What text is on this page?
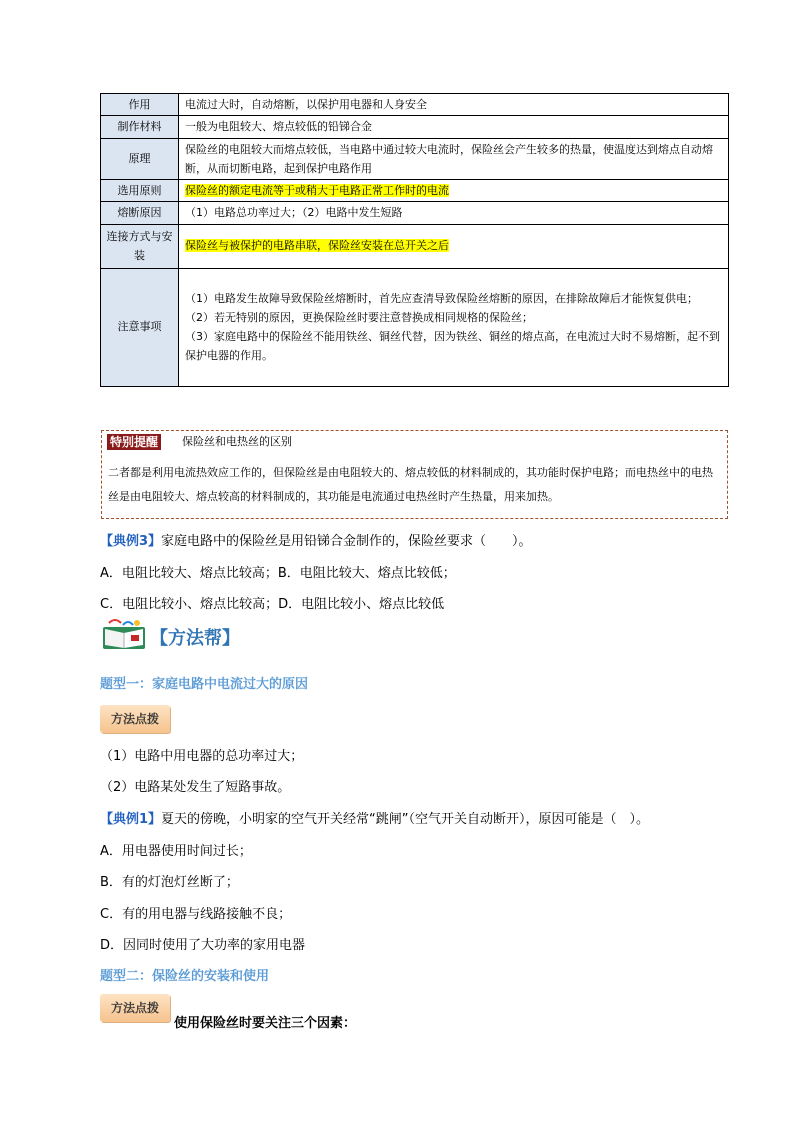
作用	电流过大时，自动熔断，以保护用电器和人身安全
制作材料	一般为电阻较大、熔点较低的铅锑合金
原理	保险丝的电阻较大而熔点较低，当电路中通过较大电流时，保险丝会产生较多的热量，使温度达到熔点自动熔断，从而切断电路，起到保护电路作用
选用原则	保险丝的额定电流等于或稍大于电路正常工作时的电流
熔断原因	（1）电路总功率过大；（2）电路中发生短路
连接方式与安装	保险丝与被保护的电路串联，保险丝安装在总开关之后
注意事项	（1）电路发生故障导致保险丝熔断时，首先应查清导致保险丝熔断的原因，在排除故障后才能恢复供电；
（2）若无特别的原因，更换保险丝时要注意替换成相同规格的保险丝；
（3）家庭电路中的保险丝不能用铁丝、铜丝代替，因为铁丝、铜丝的熔点高，在电流过大时不易熔断，起不到保护电器的作用。
特别提醒 保险丝和电热丝的区别
二者都是利用电流热效应工作的，但保险丝是由电阻较大的、熔点较低的材料制成的，其功能时保护电路；而电热丝中的电热丝是由电阻较大、熔点较高的材料制成的，其功能是电流通过电热丝时产生热量，用来加热。
【典例3】家庭电路中的保险丝是用铅锑合金制作的，保险丝要求（　　）。
A．电阻比较大、熔点比较高；B．电阻比较大、熔点比较低；
C．电阻比较小、熔点比较高；D．电阻比较小、熔点比较低
【方法帮】
题型一：家庭电路中电流过大的原因
方法点拨
（1）电路中用电器的总功率过大；
（2）电路某处发生了短路事故。
【典例1】夏天的傍晚，小明家的空气开关经常“跳闸”（空气开关自动断开），原因可能是（　）。
A．用电器使用时间过长；
B．有的灯泡灯丝断了；
C．有的用电器与线路接触不良；
D．因同时使用了大功率的家用电器
题型二：保险丝的安装和使用
方法点拨
使用保险丝时要关注三个因素：
